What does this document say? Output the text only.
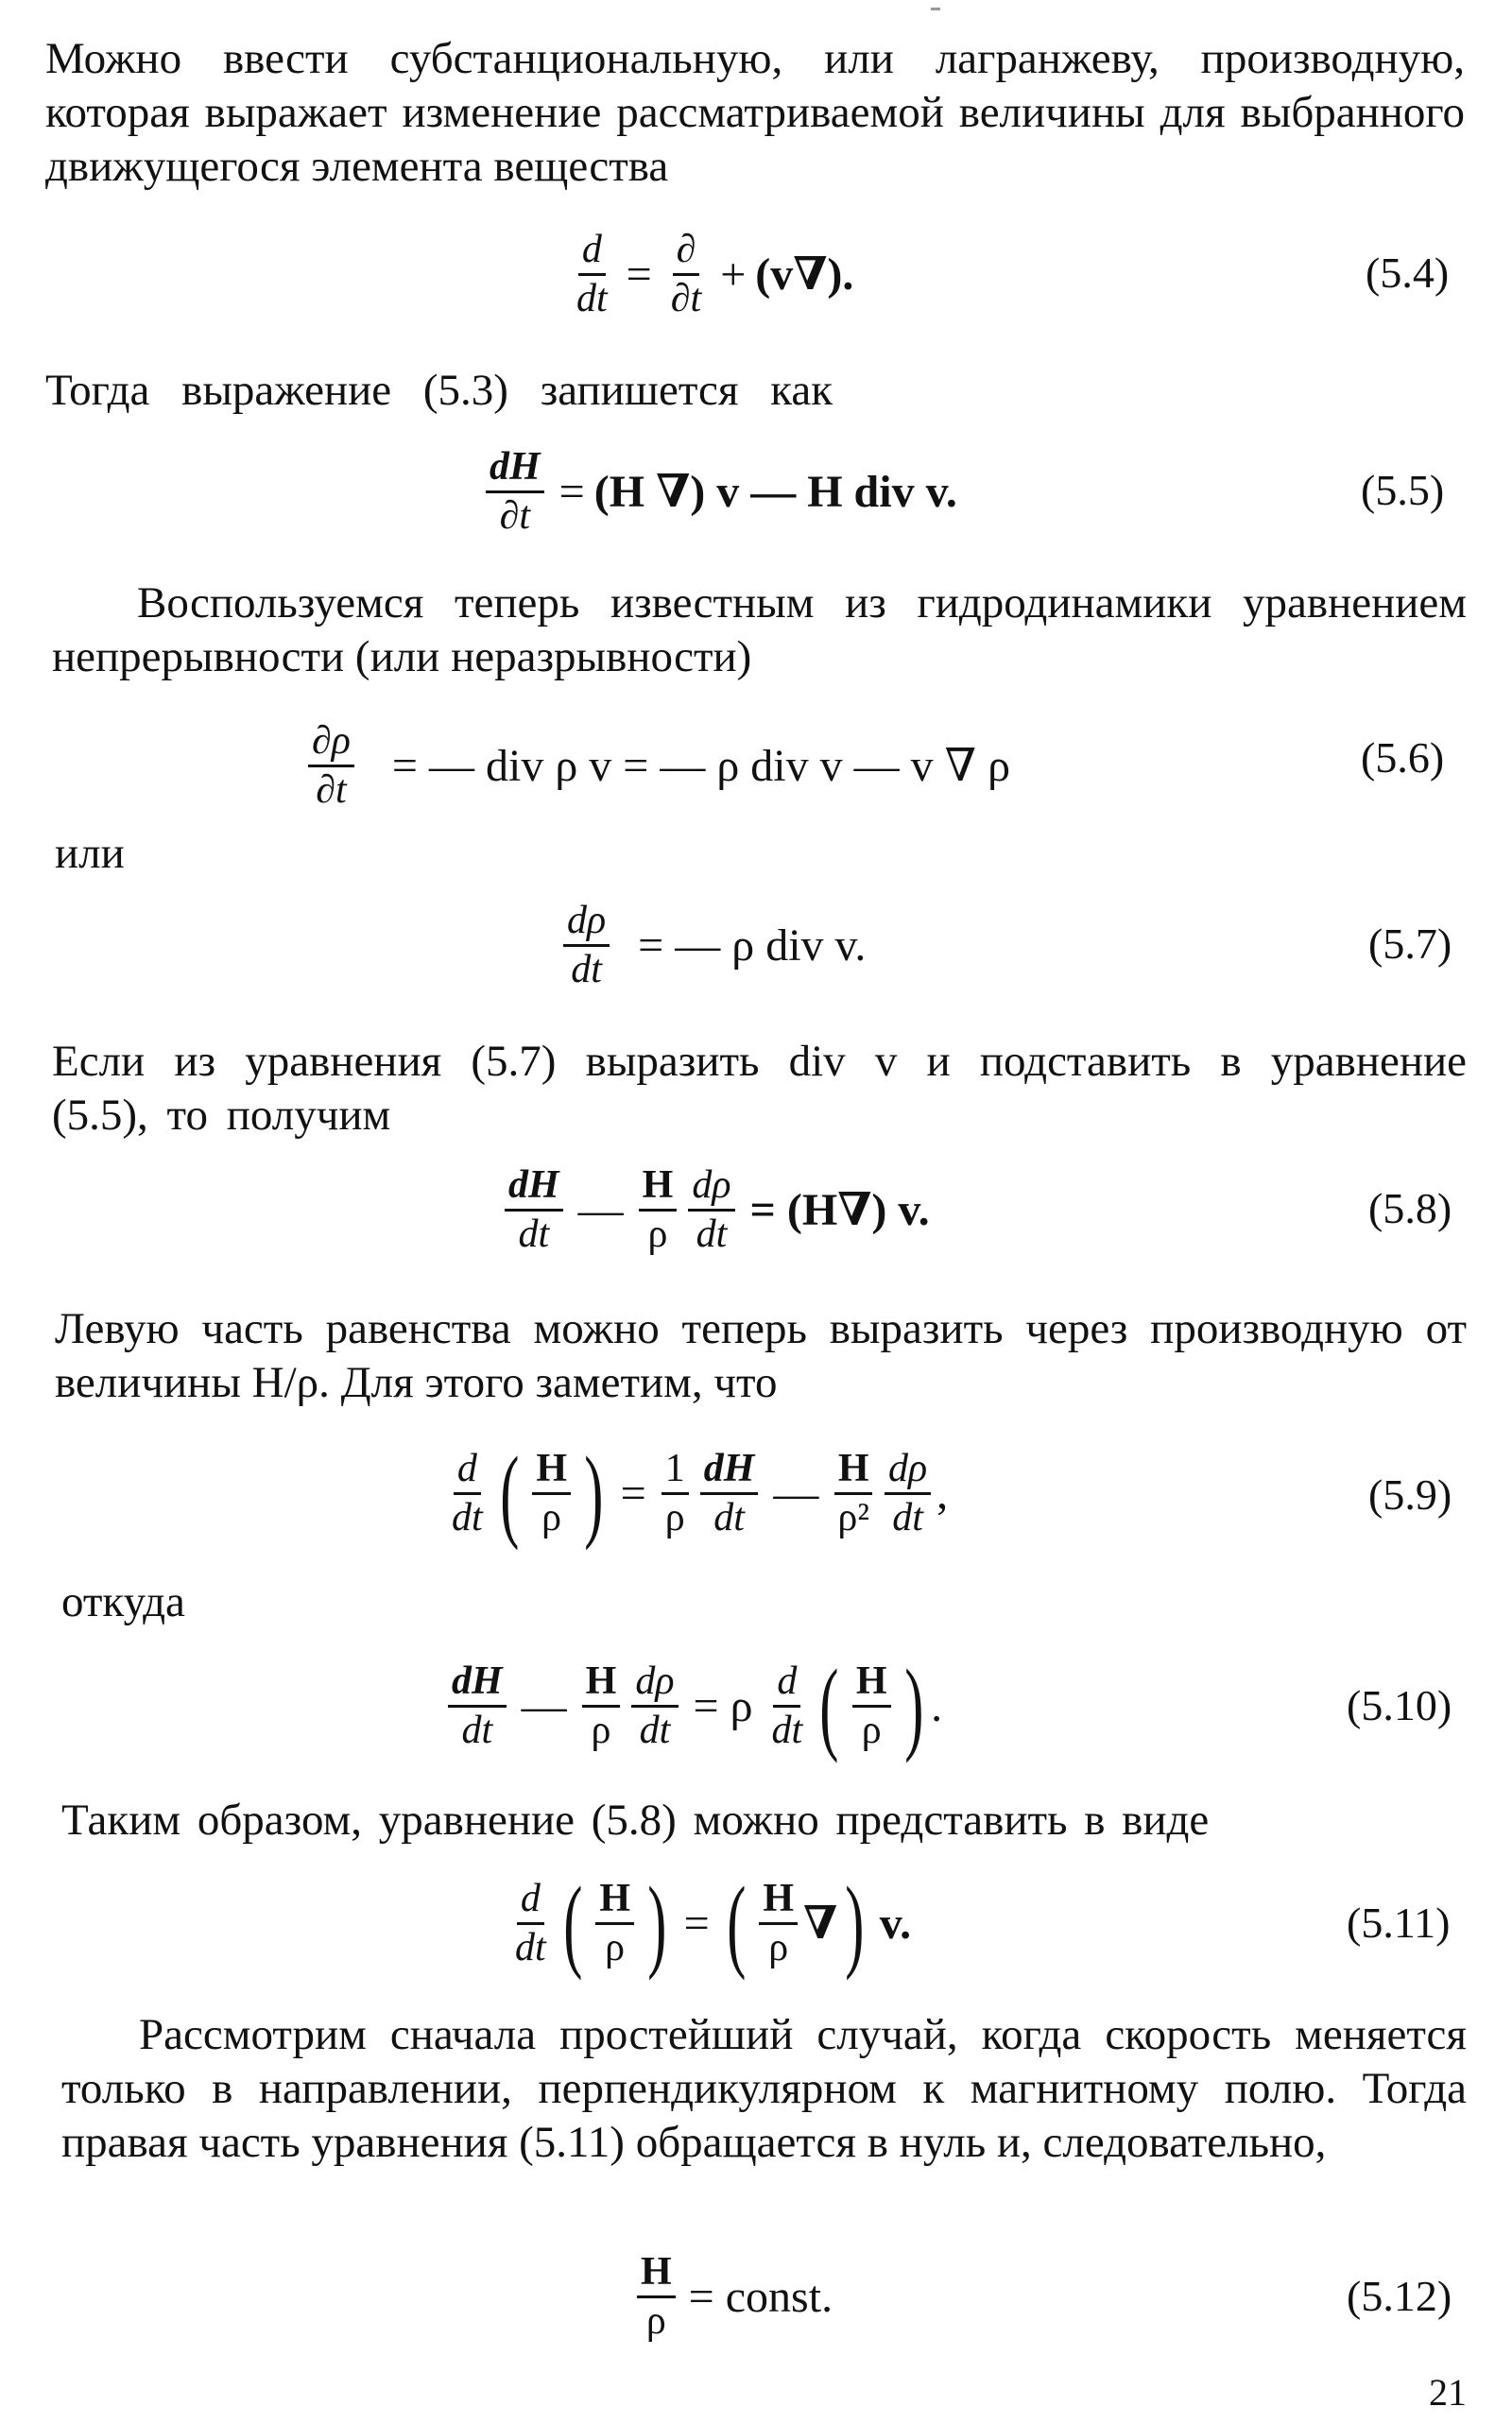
Можно ввести субстанциональную, или лагранжеву, производную, которая выражает изменение рассматриваемой величины для выбранного движущегося элемента вещества
$\frac{d}{dt} = \frac{\partial}{\partial t} + (v\nabla)$.	(5.4)
Тогда выражение (5.3) запишется как
$\frac{dH}{\partial t} = (H$ ∇) v — H div v.	(5.5)
Воспользуемся теперь известным из гидродинамики уравнением непрерывности (или неразрывности)
$\frac{\partial\rho}{\partial t}$ = — div ρ v = — ρ div v — v ∇ ρ	(5.6)
или
$\frac{d\rho}{dt}$ = — ρ div v.	(5.7)
Если из уравнения (5.7) выразить div v и подставить в уравнение (5.5), то получим
$\frac{dH}{dt}$ — $\frac{H}{\rho} \frac{d\rho}{dt} = (H\nabla)$ v.	(5.8)
Левую часть равенства можно теперь выразить через производную от величины H/ρ. Для этого заметим, что
$\frac{d}{dt}$ ( $\frac{H}{\rho}$ ) = $\frac{1}{\rho} \frac{dH}{dt}$ — $\frac{H}{\text{ρ²}} \frac{d\rho}{dt}$ ,	(5.9)
откуда
$\frac{dH}{dt}$ — $\frac{H}{\rho} \frac{d\rho}{dt} = \rho \frac{d}{dt}$ ( $\frac{H}{\rho}$ ) .	(5.10)
Таким образом, уравнение (5.8) можно представить в виде
$\frac{d}{dt}$ ( $\frac{H}{\rho}$ ) = ( $\frac{H}{\rho}$ ∇ ) v.	(5.11)
Рассмотрим сначала простейший случай, когда скорость меняется только в направлении, перпендикулярном к магнитному полю. Тогда правая часть уравнения (5.11) обращается в нуль и, следовательно,
$\frac{H}{\rho}$ = const.	(5.12)
21
